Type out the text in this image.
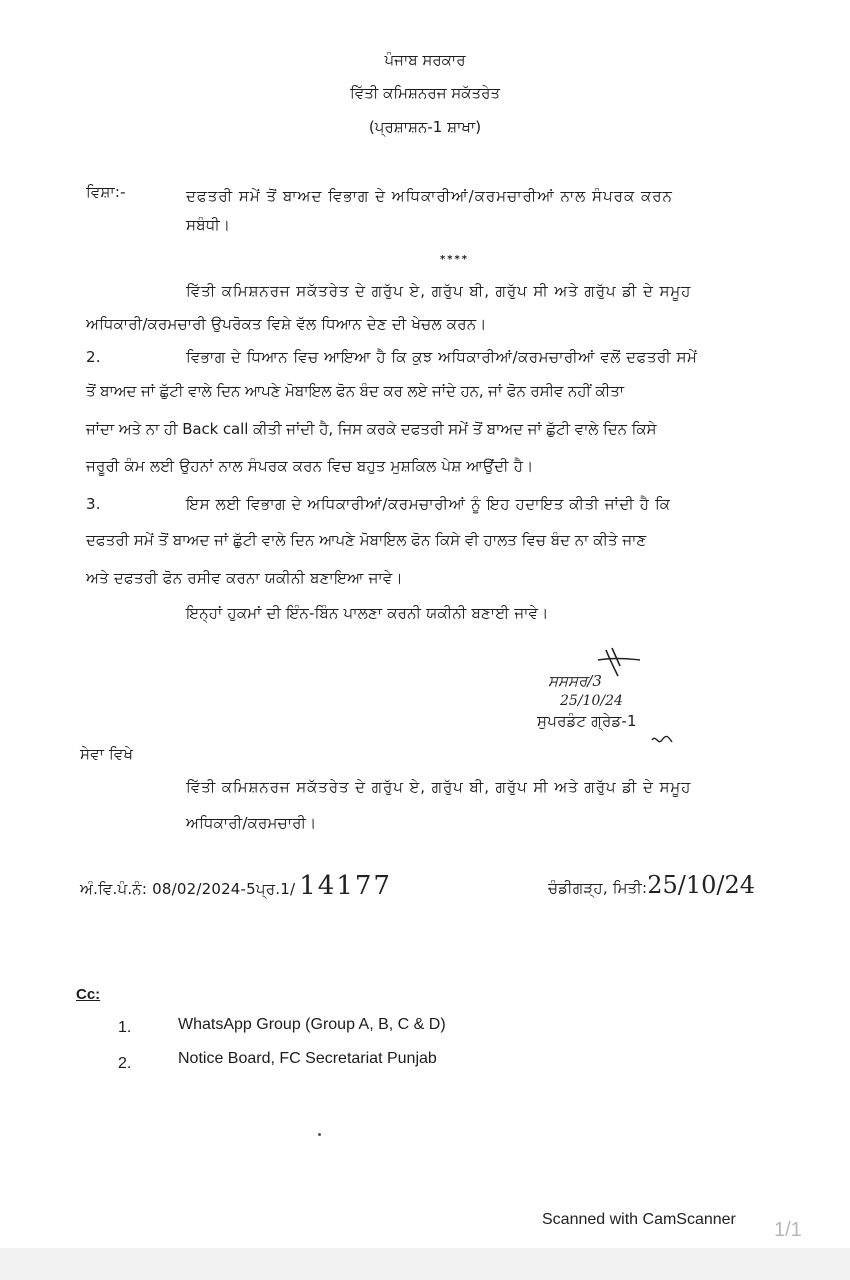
ਪੰਜਾਬ ਸਰਕਾਰ
ਵਿੱਤੀ ਕਮਿਸ਼ਨਰਜ ਸਕੱਤਰੇਤ
(ਪ੍ਰਸ਼ਾਸ਼ਨ-1 ਸ਼ਾਖਾ)
ਵਿਸ਼ਾ:-	ਦਫਤਰੀ ਸਮੇਂ ਤੋਂ ਬਾਅਦ ਵਿਭਾਗ ਦੇ ਅਧਿਕਾਰੀਆਂ/ਕਰਮਚਾਰੀਆਂ ਨਾਲ ਸੰਪਰਕ ਕਰਨ
ਸਬੰਧੀ।
****
ਵਿੱਤੀ ਕਮਿਸ਼ਨਰਜ ਸਕੱਤਰੇਤ ਦੇ ਗਰੁੱਪ ਏ, ਗਰੁੱਪ ਬੀ, ਗਰੁੱਪ ਸੀ ਅਤੇ ਗਰੁੱਪ ਡੀ ਦੇ ਸਮੂਹ
ਅਧਿਕਾਰੀ/ਕਰਮਚਾਰੀ ਉਪਰੋਕਤ ਵਿਸ਼ੇ ਵੱਲ ਧਿਆਨ ਦੇਣ ਦੀ ਖੇਚਲ ਕਰਨ।
2.	ਵਿਭਾਗ ਦੇ ਧਿਆਨ ਵਿਚ ਆਇਆ ਹੈ ਕਿ ਕੁਝ ਅਧਿਕਾਰੀਆਂ/ਕਰਮਚਾਰੀਆਂ ਵਲੋਂ ਦਫਤਰੀ ਸਮੇਂ
ਤੋਂ ਬਾਅਦ ਜਾਂ ਛੁੱਟੀ ਵਾਲੇ ਦਿਨ ਆਪਣੇ ਮੋਬਾਇਲ ਫੋਨ ਬੰਦ ਕਰ ਲਏ ਜਾਂਦੇ ਹਨ, ਜਾਂ ਫੋਨ ਰਸੀਵ ਨਹੀਂ ਕੀਤਾ
ਜਾਂਦਾ ਅਤੇ ਨਾ ਹੀ Back call ਕੀਤੀ ਜਾਂਦੀ ਹੈ, ਜਿਸ ਕਰਕੇ ਦਫਤਰੀ ਸਮੇਂ ਤੋਂ ਬਾਅਦ ਜਾਂ ਛੁੱਟੀ ਵਾਲੇ ਦਿਨ ਕਿਸੇ
ਜਰੂਰੀ ਕੰਮ ਲਈ ਉਹਨਾਂ ਨਾਲ ਸੰਪਰਕ ਕਰਨ ਵਿਚ ਬਹੁਤ ਮੁਸ਼ਕਿਲ ਪੇਸ਼ ਆਉਂਦੀ ਹੈ।
3.	ਇਸ ਲਈ ਵਿਭਾਗ ਦੇ ਅਧਿਕਾਰੀਆਂ/ਕਰਮਚਾਰੀਆਂ ਨੂੰ ਇਹ ਹਦਾਇਤ ਕੀਤੀ ਜਾਂਦੀ ਹੈ ਕਿ
ਦਫਤਰੀ ਸਮੇਂ ਤੋਂ ਬਾਅਦ ਜਾਂ ਛੁੱਟੀ ਵਾਲੇ ਦਿਨ ਆਪਣੇ ਮੋਬਾਇਲ ਫੋਨ ਕਿਸੇ ਵੀ ਹਾਲਤ ਵਿਚ ਬੰਦ ਨਾ ਕੀਤੇ ਜਾਣ
ਅਤੇ ਦਫਤਰੀ ਫੋਨ ਰਸੀਵ ਕਰਨਾ ਯਕੀਨੀ ਬਣਾਇਆ ਜਾਵੇ।
ਇਨ੍ਹਾਂ ਹੁਕਮਾਂ ਦੀ ਇੰਨ-ਬਿੰਨ ਪਾਲਣਾ ਕਰਨੀ ਯਕੀਨੀ ਬਣਾਈ ਜਾਵੇ।
ਸਸਸਰ/3
25/10/24
ਸੁਪਰਡੰਟ ਗ੍ਰੇਡ-1
ਸੇਵਾ ਵਿਖੇ
ਵਿੱਤੀ ਕਮਿਸ਼ਨਰਜ ਸਕੱਤਰੇਤ ਦੇ ਗਰੁੱਪ ਏ, ਗਰੁੱਪ ਬੀ, ਗਰੁੱਪ ਸੀ ਅਤੇ ਗਰੁੱਪ ਡੀ ਦੇ ਸਮੂਹ
ਅਧਿਕਾਰੀ/ਕਰਮਚਾਰੀ।
ਅੰ.ਵਿ.ਪੰ.ਨੰ: 08/02/2024-5ਪ੍ਰ.1/ 14177	ਚੰਡੀਗੜ੍ਹ, ਮਿਤੀ:25/10/24
Cc:
1.	WhatsApp Group (Group A, B, C & D)
2.	Notice Board, FC Secretariat Punjab
Scanned with CamScanner 1/1
